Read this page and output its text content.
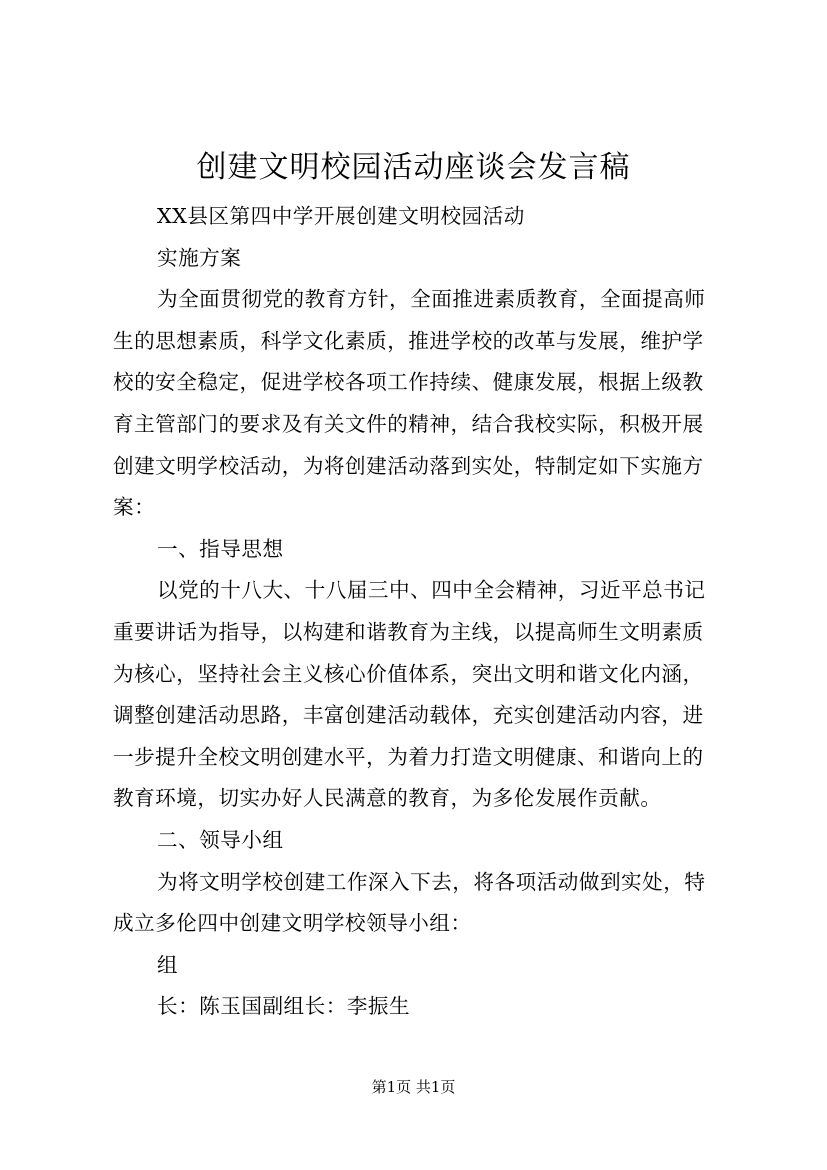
创建文明校园活动座谈会发言稿
XX县区第四中学开展创建文明校园活动
实施方案
为全面贯彻党的教育方针，全面推进素质教育，全面提高师
生的思想素质，科学文化素质，推进学校的改革与发展，维护学
校的安全稳定，促进学校各项工作持续、健康发展，根据上级教
育主管部门的要求及有关文件的精神，结合我校实际，积极开展
创建文明学校活动，为将创建活动落到实处，特制定如下实施方
案：
一、指导思想
以党的十八大、十八届三中、四中全会精神，习近平总书记
重要讲话为指导，以构建和谐教育为主线，以提高师生文明素质
为核心，坚持社会主义核心价值体系，突出文明和谐文化内涵，
调整创建活动思路，丰富创建活动载体，充实创建活动内容，进
一步提升全校文明创建水平，为着力打造文明健康、和谐向上的
教育环境，切实办好人民满意的教育，为多伦发展作贡献。
二、领导小组
为将文明学校创建工作深入下去，将各项活动做到实处，特
成立多伦四中创建文明学校领导小组：
组
长：陈玉国副组长：李振生
第1页 共1页
